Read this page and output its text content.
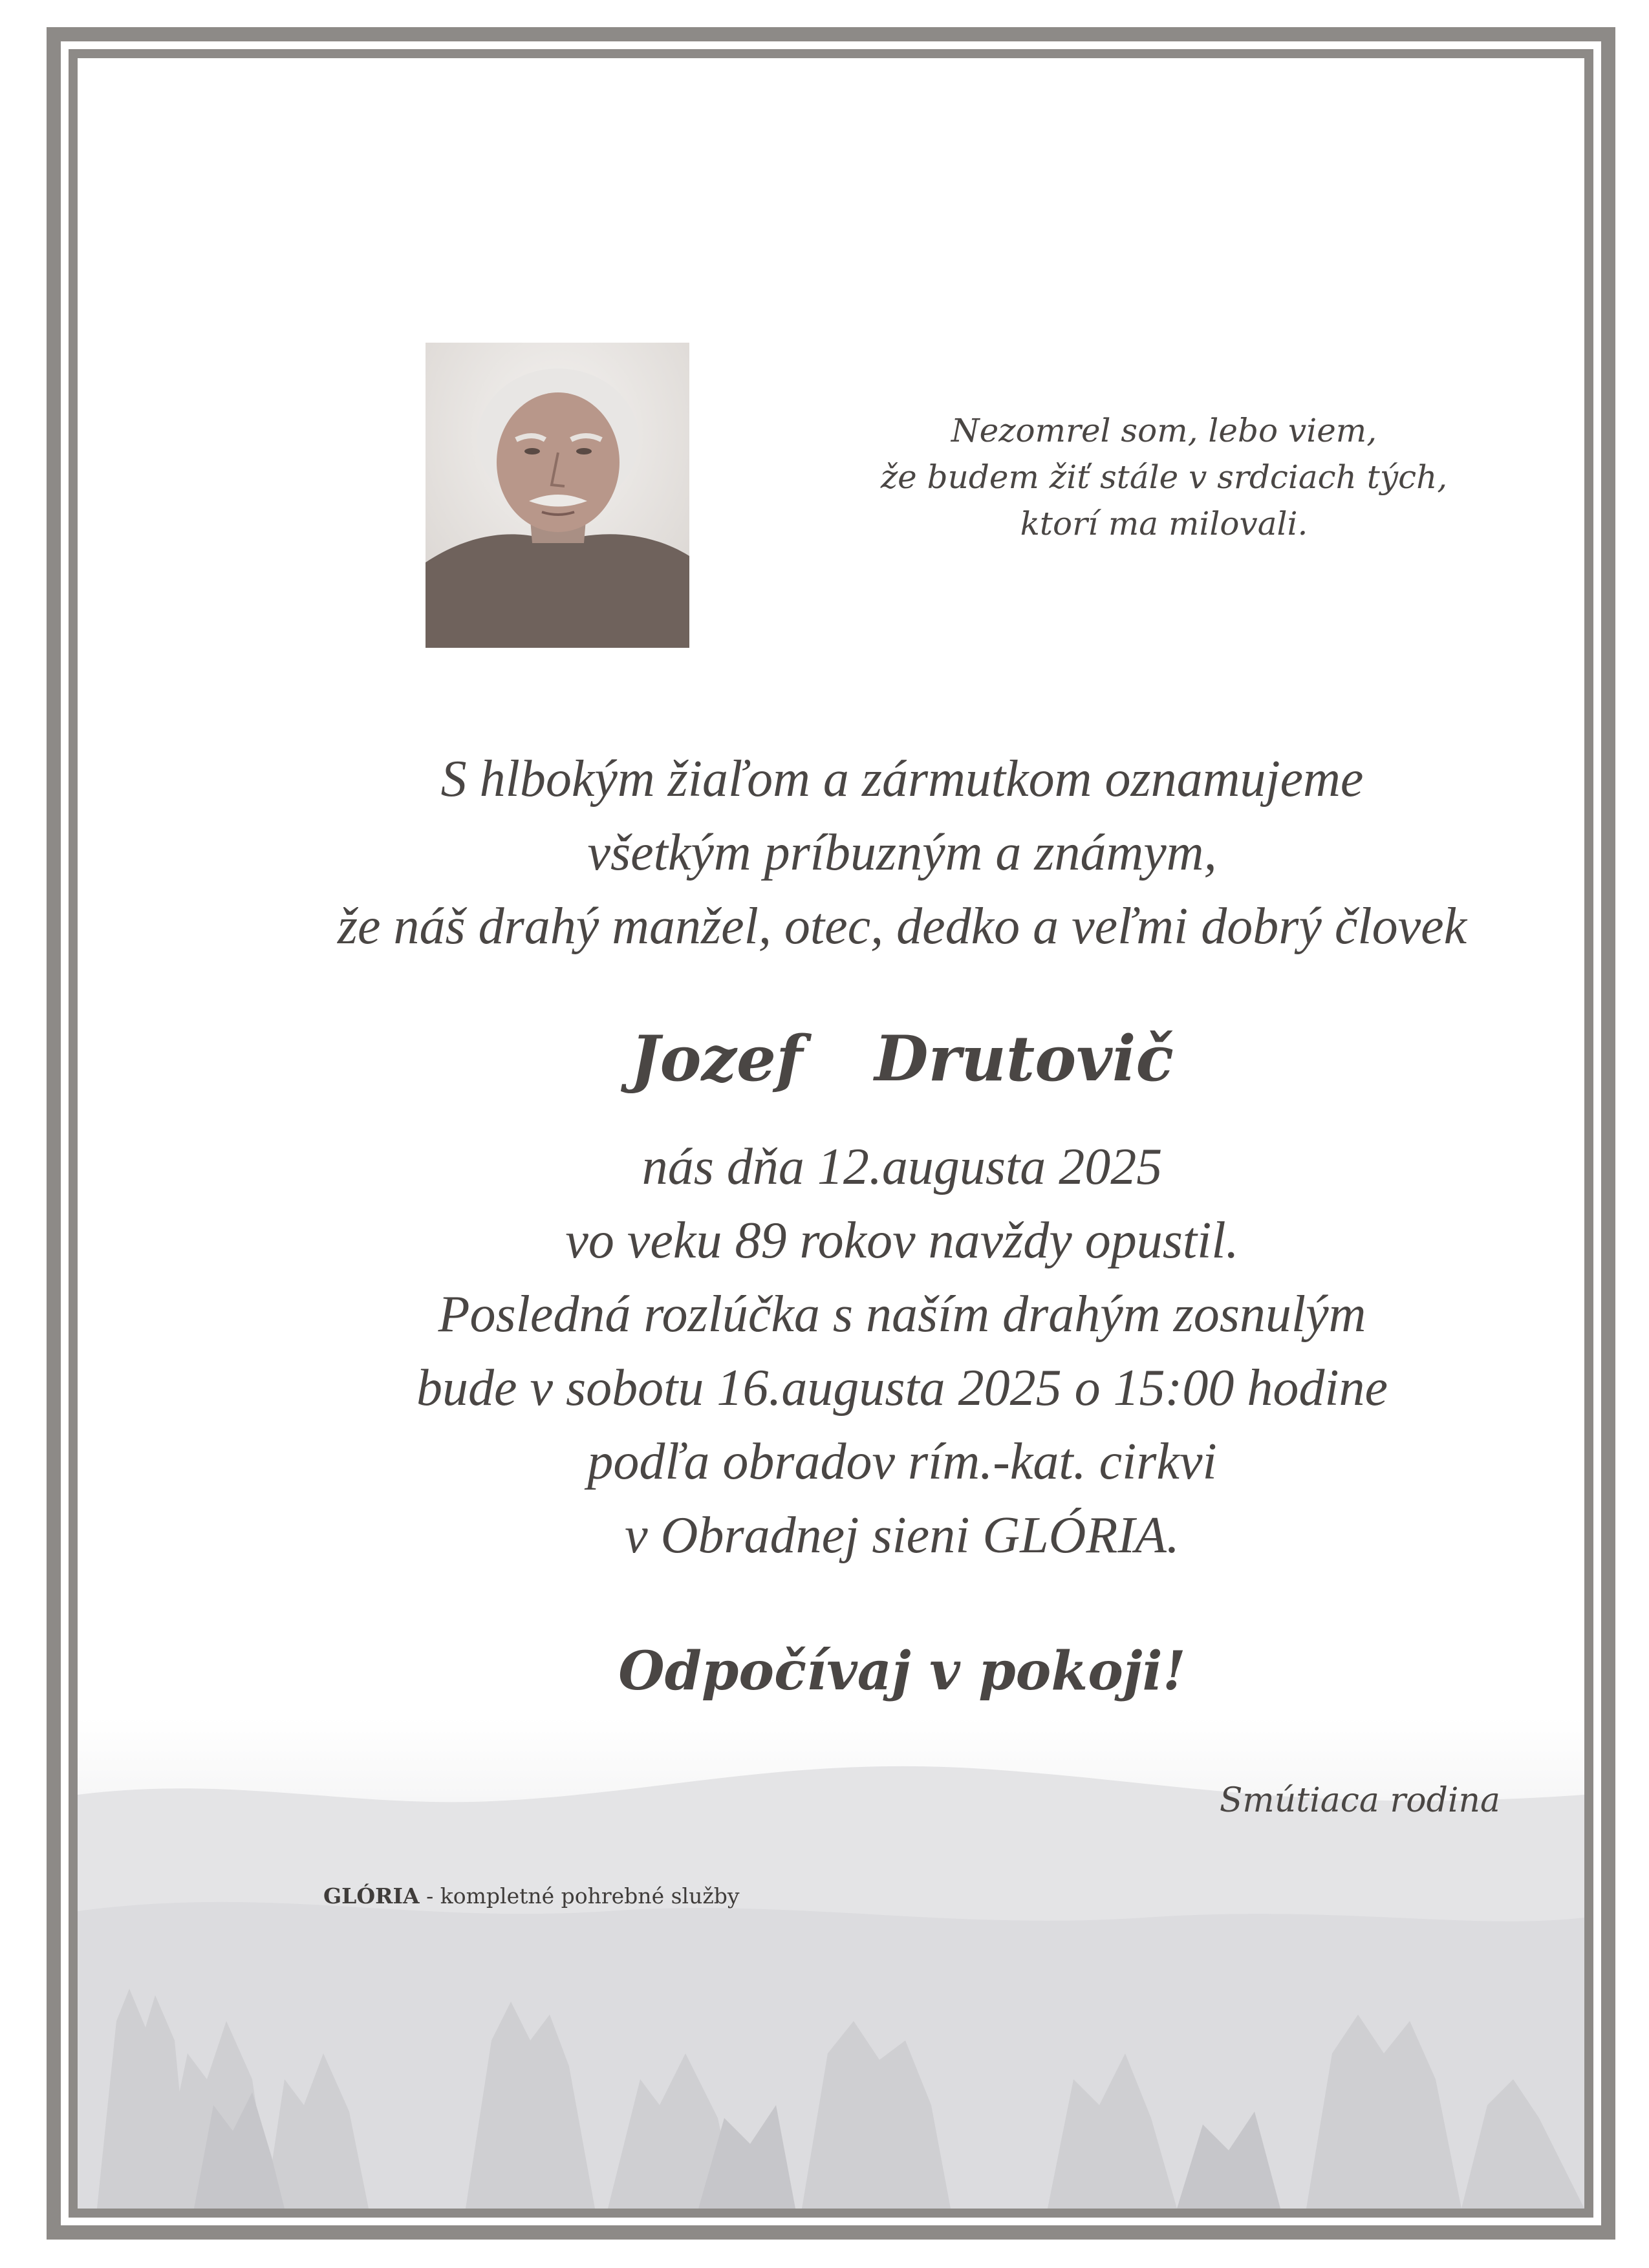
Nezomrel som, lebo viem,
že budem žiť stále v srdciach tých,
ktorí ma milovali.
S hlbokým žiaľom a zármutkom oznamujeme
všetkým príbuzným a známym,
že náš drahý manžel, otec, dedko a veľmi dobrý človek
Jozef  Drutovič
nás dňa 12.augusta 2025
vo veku 89 rokov navždy opustil.
Posledná rozlúčka s naším drahým zosnulým
bude v sobotu 16.augusta 2025 o 15:00 hodine
podľa obradov rím.-kat. cirkvi
v Obradnej sieni GLÓRIA.
Odpočívaj v pokoji!
Smútiaca rodina
GLÓRIA - kompletné pohrebné služby
